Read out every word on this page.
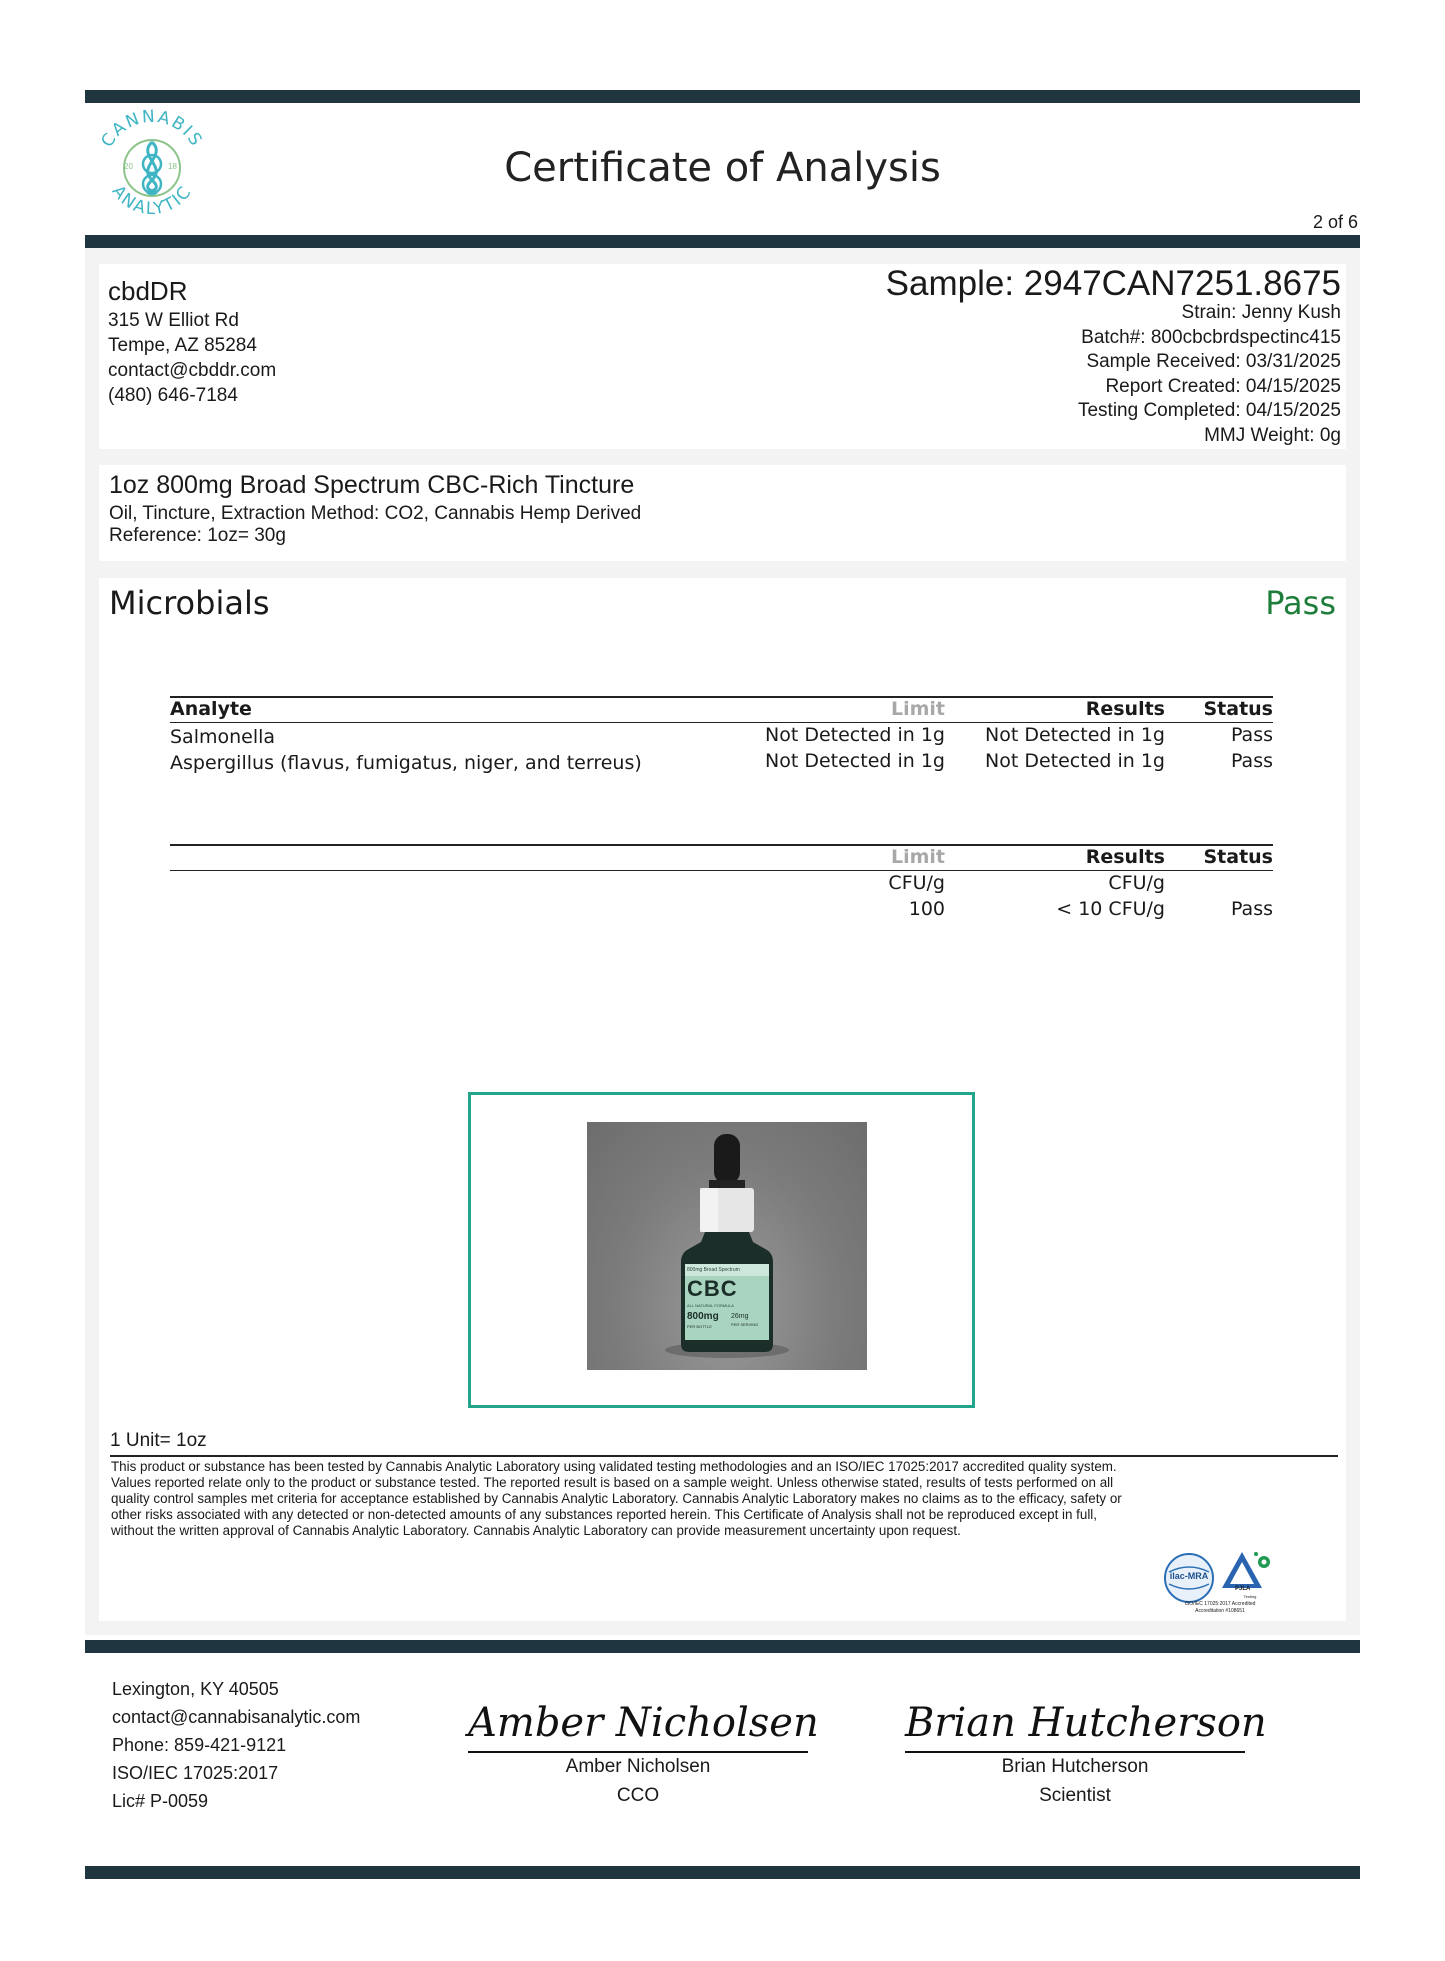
CANNABIS
ANALYTIC
20	18	Certificate of Analysis
2 of 6
cbdDR
315 W Elliot Rd
Tempe, AZ 85284
contact@cbddr.com
(480) 646-7184
Sample: 2947CAN7251.8675
Strain: Jenny Kush
Batch#: 800cbcbrdspectinc415
Sample Received: 03/31/2025
Report Created: 04/15/2025
Testing Completed: 04/15/2025
MMJ Weight: 0g
1oz 800mg Broad Spectrum CBC-Rich Tincture
Oil, Tincture, Extraction Method: CO2, Cannabis Hemp Derived
Reference: 1oz= 30g
Microbials	Pass
Analyte	Limit	Results	Status
Salmonella	Not Detected in 1g	Not Detected in 1g	Pass
Aspergillus (flavus, fumigatus, niger, and terreus)	Not Detected in 1g	Not Detected in 1g	Pass
Limit	Results	Status
CFU/g	CFU/g
100	< 10 CFU/g	Pass
800mg Broad Spectrum
CBC
ALL NATURAL FORMULA
800mg 26mg
PER BOTTLE	PER SERVING
1 Unit= 1oz
This product or substance has been tested by Cannabis Analytic Laboratory using validated testing methodologies and an ISO/IEC 17025:2017 accredited quality system.
Values reported relate only to the product or substance tested. The reported result is based on a sample weight. Unless otherwise stated, results of tests performed on all
quality control samples met criteria for acceptance established by Cannabis Analytic Laboratory. Cannabis Analytic Laboratory makes no claims as to the efficacy, safety or
other risks associated with any detected or non-detected amounts of any substances reported herein. This Certificate of Analysis shall not be reproduced except in full,
without the written approval of Cannabis Analytic Laboratory. Cannabis Analytic Laboratory can provide measurement uncertainty upon request.
ilac-MRA
PJLA
Testing
ISO/IEC 17025:2017 Accredited
Accreditation #108651
Lexington, KY 40505
contact@cannabisanalytic.com
Phone: 859-421-9121
ISO/IEC 17025:2017
Lic# P-0059
Amber Nicholsen
Amber Nicholsen
CCO
Brian Hutcherson
Brian Hutcherson
Scientist
